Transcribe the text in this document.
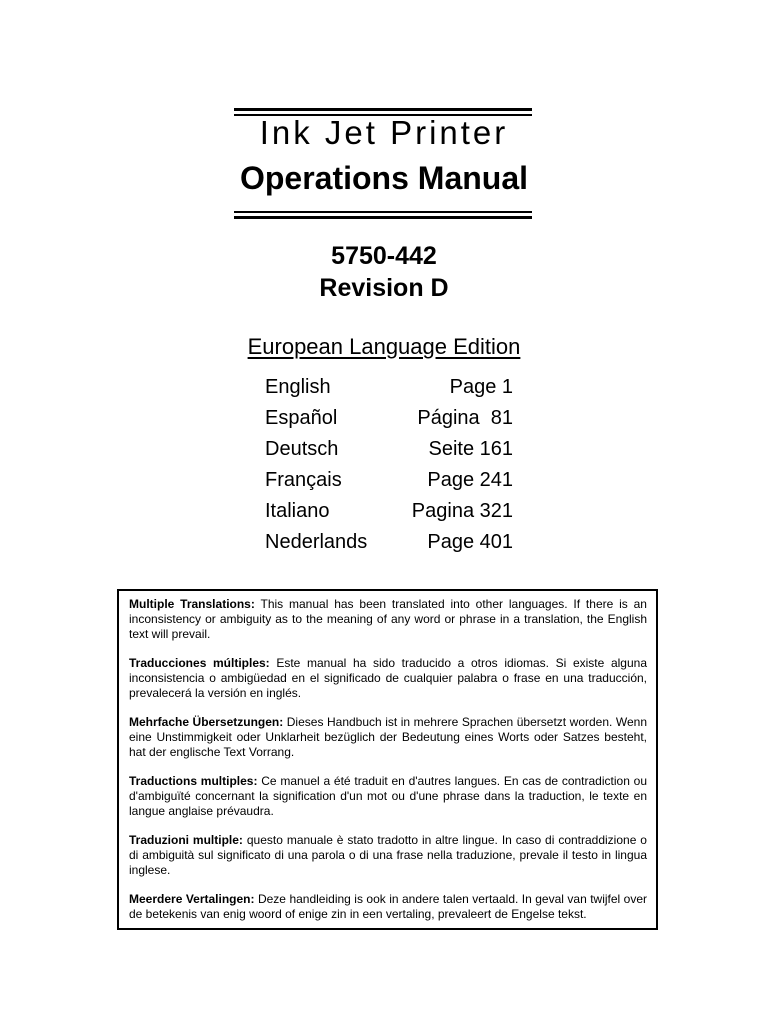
Ink Jet Printer
Operations Manual
5750-442
Revision D
European Language Edition
English	Page 1
Español	Página  81
Deutsch	Seite 161
Français	Page 241
Italiano	Pagina 321
Nederlands	Page 401

Multiple Translations: This manual has been translated into other languages. If there is an inconsistency or ambiguity as to the meaning of any word or phrase in a translation, the English text will prevail.

Traducciones múltiples: Este manual ha sido traducido a otros idiomas. Si existe alguna inconsistencia o ambigüedad en el significado de cualquier palabra o frase en una traducción, prevalecerá la versión en inglés.

Mehrfache Übersetzungen: Dieses Handbuch ist in mehrere Sprachen übersetzt worden. Wenn eine Unstimmigkeit oder Unklarheit bezüglich der Bedeutung eines Worts oder Satzes besteht, hat der englische Text Vorrang.

Traductions multiples: Ce manuel a été traduit en d'autres langues. En cas de contradiction ou d'ambiguïté concernant la signification d'un mot ou d'une phrase dans la traduction, le texte en langue anglaise prévaudra.

Traduzioni multiple: questo manuale è stato tradotto in altre lingue. In caso di contraddizione o di ambiguità sul significato di una parola o di una frase nella traduzione, prevale il testo in lingua inglese.

Meerdere Vertalingen: Deze handleiding is ook in andere talen vertaald. In geval van twijfel over de betekenis van enig woord of enige zin in een vertaling, prevaleert de Engelse tekst.
